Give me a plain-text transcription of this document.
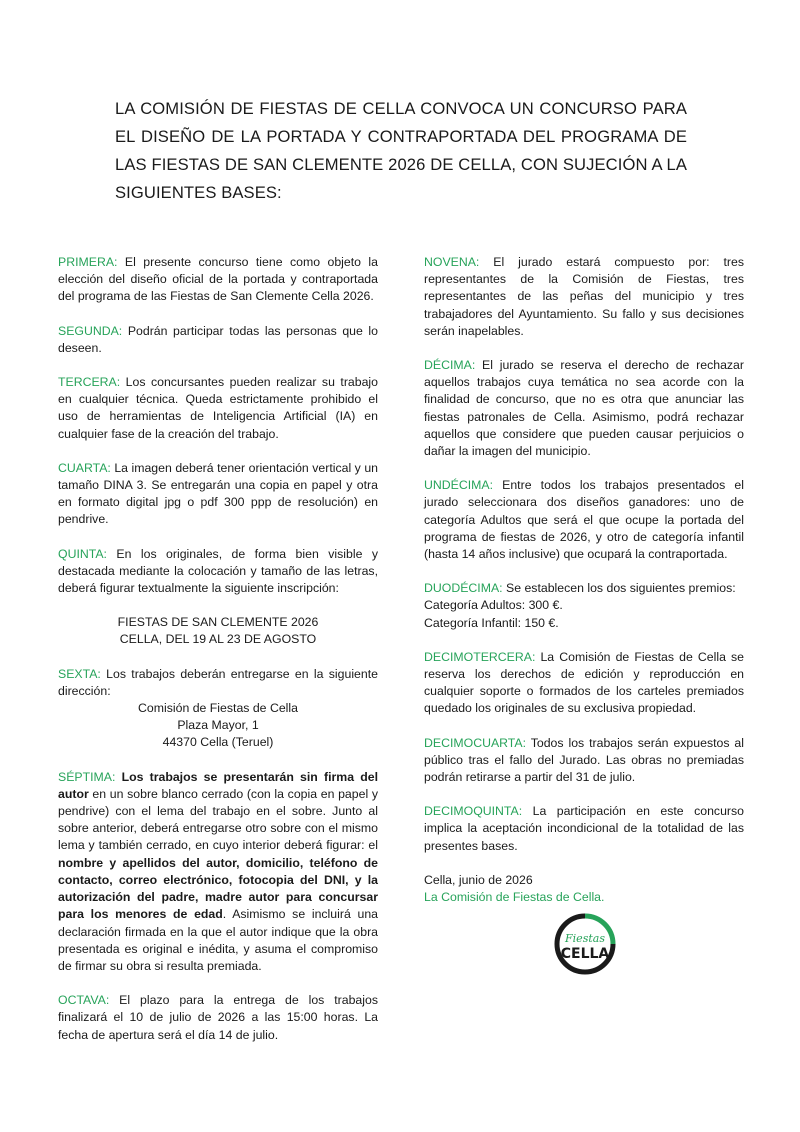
LA COMISIÓN DE FIESTAS DE CELLA CONVOCA UN CONCURSO PARA EL DISEÑO DE LA PORTADA Y CONTRAPORTADA DEL PROGRAMA DE LAS FIESTAS DE SAN CLEMENTE 2026 DE CELLA, CON SUJECIÓN A LA SIGUIENTES BASES:

PRIMERA: El presente concurso tiene como objeto la elección del diseño oficial de la portada y contraportada del programa de las Fiestas de San Clemente Cella 2026.

SEGUNDA: Podrán participar todas las personas que lo deseen.

TERCERA: Los concursantes pueden realizar su trabajo en cualquier técnica. Queda estrictamente prohibido el uso de herramientas de Inteligencia Artificial (IA) en cualquier fase de la creación del trabajo.

CUARTA: La imagen deberá tener orientación vertical y un tamaño DINA 3. Se entregarán una copia en papel y otra en formato digital jpg o pdf 300 ppp de resolución) en pendrive.

QUINTA: En los originales, de forma bien visible y destacada mediante la colocación y tamaño de las letras, deberá figurar textualmente la siguiente inscripción:

FIESTAS DE SAN CLEMENTE 2026
CELLA, DEL 19 AL 23 DE AGOSTO

SEXTA: Los trabajos deberán entregarse en la siguiente dirección:

Comisión de Fiestas de Cella
Plaza Mayor, 1
44370 Cella (Teruel)

SÉPTIMA: Los trabajos se presentarán sin firma del autor en un sobre blanco cerrado (con la copia en papel y pendrive) con el lema del trabajo en el sobre. Junto al sobre anterior, deberá entregarse otro sobre con el mismo lema y también cerrado, en cuyo interior deberá figurar: el nombre y apellidos del autor, domicilio, teléfono de contacto, correo electrónico, fotocopia del DNI, y la autorización del padre, madre autor para concursar para los menores de edad. Asimismo se incluirá una declaración firmada en la que el autor indique que la obra presentada es original e inédita, y asuma el compromiso de firmar su obra si resulta premiada.

OCTAVA: El plazo para la entrega de los trabajos finalizará el 10 de julio de 2026 a las 15:00 horas. La fecha de apertura será el día 14 de julio.

NOVENA: El jurado estará compuesto por: tres representantes de la Comisión de Fiestas, tres representantes de las peñas del municipio y tres trabajadores del Ayuntamiento. Su fallo y sus decisiones serán inapelables.

DÉCIMA: El jurado se reserva el derecho de rechazar aquellos trabajos cuya temática no sea acorde con la finalidad de concurso, que no es otra que anunciar las fiestas patronales de Cella. Asimismo, podrá rechazar aquellos que considere que pueden causar perjuicios o dañar la imagen del municipio.

UNDÉCIMA: Entre todos los trabajos presentados el jurado seleccionara dos diseños ganadores: uno de categoría Adultos que será el que ocupe la portada del programa de fiestas de 2026, y otro de categoría infantil (hasta 14 años inclusive) que ocupará la contraportada.

DUODÉCIMA: Se establecen los dos siguientes premios:
Categoría Adultos: 300 €.
Categoría Infantil: 150 €.

DECIMOTERCERA: La Comisión de Fiestas de Cella se reserva los derechos de edición y reproducción en cualquier soporte o formados de los carteles premiados quedado los originales de su exclusiva propiedad.

DECIMOCUARTA: Todos los trabajos serán expuestos al público tras el fallo del Jurado. Las obras no premiadas podrán retirarse a partir del 31 de julio.

DECIMOQUINTA: La participación en este concurso implica la aceptación incondicional de la totalidad de las presentes bases.

Cella, junio de 2026
La Comisión de Fiestas de Cella.
Fiestas
CELLA
